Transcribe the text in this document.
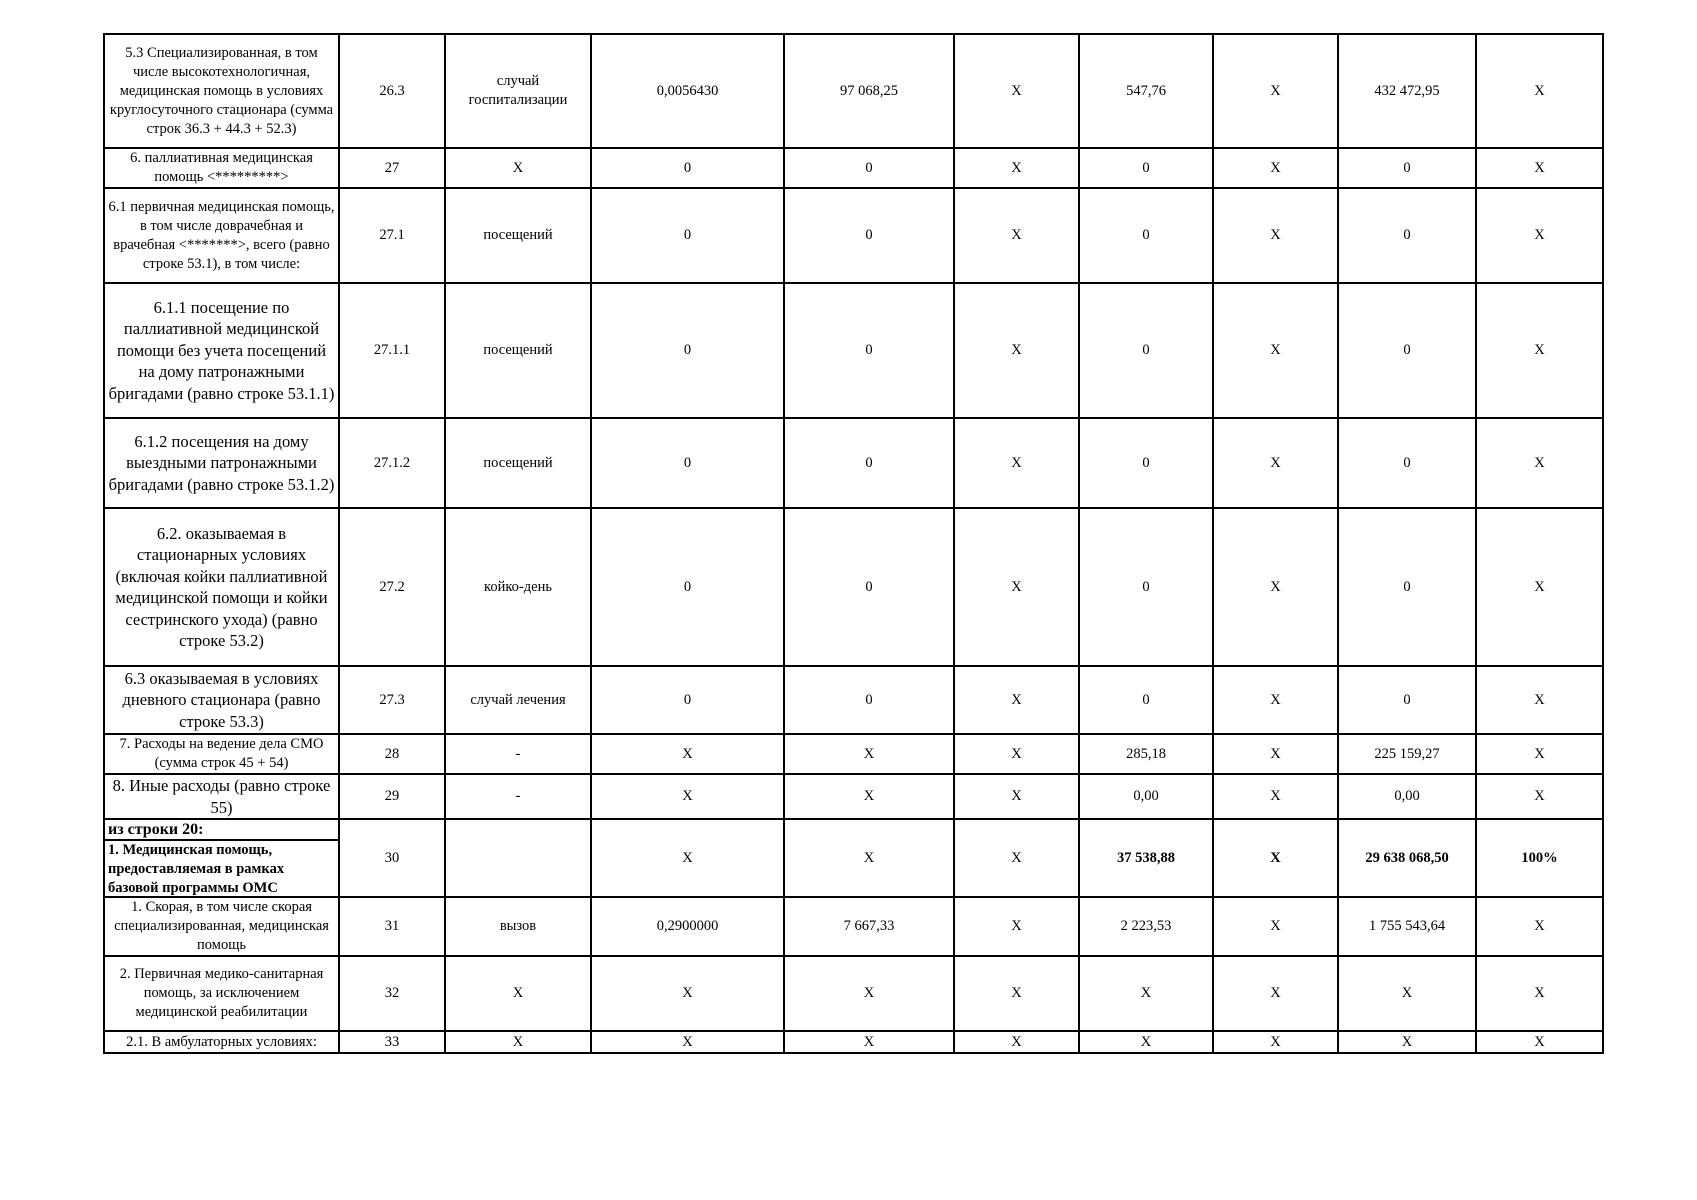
5.3 Специализированная, в том числе высокотехнологичная, медицинская помощь в условиях круглосуточного стационара (сумма строк 36.3 + 44.3 + 52.3)	26.3	случай госпитализации	0,0056430	97 068,25	X	547,76	X	432 472,95	X
6. паллиативная медицинская помощь <*********>	27	X	0	0	X	0	X	0	X
6.1 первичная медицинская помощь, в том числе доврачебная и врачебная <*******>, всего (равно строке 53.1), в том числе:	27.1	посещений	0	0	X	0	X	0	X
6.1.1 посещение по паллиативной медицинской помощи без учета посещений на дому патронажными бригадами (равно строке 53.1.1)	27.1.1	посещений	0	0	X	0	X	0	X
6.1.2 посещения на дому выездными патронажными бригадами (равно строке 53.1.2)	27.1.2	посещений	0	0	X	0	X	0	X
6.2. оказываемая в стационарных условиях (включая койки паллиативной медицинской помощи и койки сестринского ухода) (равно строке 53.2)	27.2	койко-день	0	0	X	0	X	0	X
6.3 оказываемая в условиях дневного стационара (равно строке 53.3)	27.3	случай лечения	0	0	X	0	X	0	X
7. Расходы на ведение дела СМО (сумма строк 45 + 54)	28	-	X	X	X	285,18	X	225 159,27	X
8. Иные расходы (равно строке 55)	29	-	X	X	X	0,00	X	0,00	X

из строки 20:
1. Медицинская помощь, предоставляемая в рамках базовой программы ОМС	30		X	X	X	37 538,88	X	29 638 068,50	100%
1. Скорая, в том числе скорая специализированная, медицинская помощь	31	вызов	0,2900000	7 667,33	X	2 223,53	X	1 755 543,64	X
2. Первичная медико-санитарная помощь, за исключением медицинской реабилитации	32	X	X	X	X	X	X	X	X
2.1. В амбулаторных условиях:	33	X	X	X	X	X	X	X	X
